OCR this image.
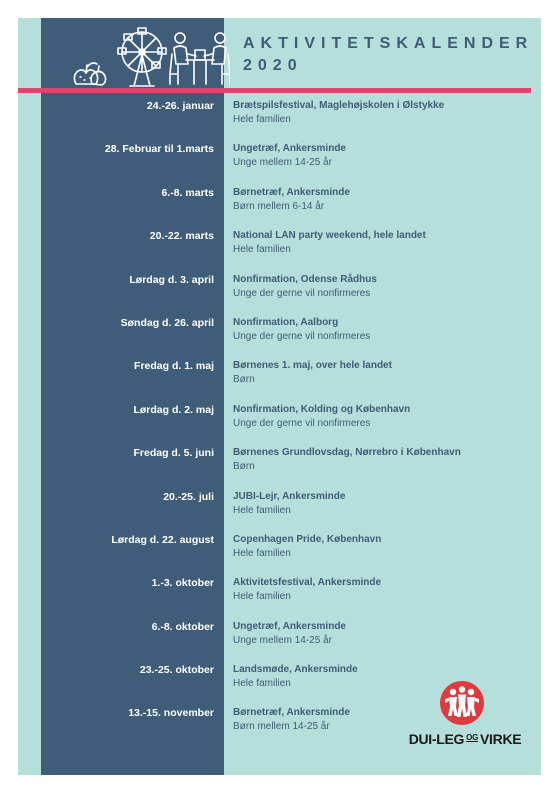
AKTIVITETSKALENDER
2020
24.-26. januar Brætspilsfestival, Maglehøjskolen i Ølstykke
Hele familien
28. Februar til 1.marts Ungetræf, Ankersminde
Unge mellem 14-25 år
6.-8. marts Børnetræf, Ankersminde
Børn mellem 6-14 år
20.-22. marts National LAN party weekend, hele landet
Hele familien
Lørdag d. 3. april Nonfirmation, Odense Rådhus
Unge der gerne vil nonfirmeres
Søndag d. 26. april Nonfirmation, Aalborg
Unge der gerne vil nonfirmeres
Fredag d. 1. maj Børnenes 1. maj, over hele landet
Børn
Lørdag d. 2. maj Nonfirmation, Kolding og København
Unge der gerne vil nonfirmeres
Fredag d. 5. juni Børnenes Grundlovsdag, Nørrebro i København
Børn
20.-25. juli JUBI-Lejr, Ankersminde
Hele familien
Lørdag d. 22. august Copenhagen Pride, København
Hele familien
1.-3. oktober Aktivitetsfestival, Ankersminde
Hele familien
6.-8. oktober Ungetræf, Ankersminde
Unge mellem 14-25 år
23.-25. oktober Landsmøde, Ankersminde
Hele familien
13.-15. november Børnetræf, Ankersminde
Børn mellem 14-25 år
DUI-LEG $^{OG}$ VIRKE
